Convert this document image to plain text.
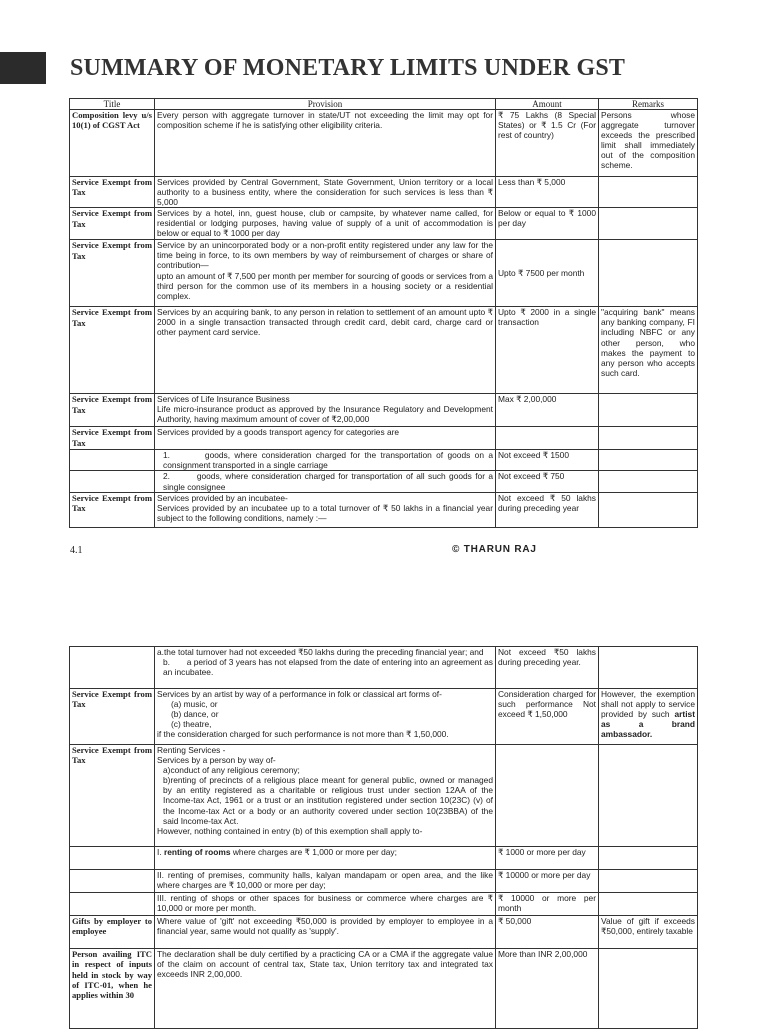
SUMMARY OF MONETARY LIMITS UNDER GST
Title	Provision	Amount	Remarks
Composition levy u/s 10(1) of CGST Act	Every person with aggregate turnover in state/UT not exceeding the limit may opt for composition scheme if he is satisfying other eligibility criteria.	₹ 75 Lakhs (8 Special States) or ₹ 1.5 Cr (For rest of country)	Persons whose aggregate turnover exceeds the prescribed limit shall immediately out of the composition scheme.
Service Exempt from Tax	Services provided by Central Government, State Government, Union territory or a local authority to a business entity, where the consideration for such services is less than ₹ 5,000	Less than ₹ 5,000	
Service Exempt from Tax	Services by a hotel, inn, guest house, club or campsite, by whatever name called, for residential or lodging purposes, having value of supply of a unit of accommodation is below or equal to ₹ 1000 per day	Below or equal to ₹ 1000 per day	
Service Exempt from Tax	Service by an unincorporated body or a non-profit entity registered under any law for the time being in force, to its own members by way of reimbursement of charges or share of contribution—
upto an amount of ₹ 7,500 per month per member for sourcing of goods or services from a third person for the common use of its members in a housing society or a residential complex.	Upto ₹ 7500 per month	
Service Exempt from Tax	Services by an acquiring bank, to any person in relation to settlement of an amount upto ₹ 2000 in a single transaction transacted through credit card, debit card, charge card or other payment card service.	Upto ₹ 2000 in a single transaction	"acquiring bank" means any banking company, FI including NBFC or any other person, who makes the payment to any person who accepts such card.
Service Exempt from Tax	Services of Life Insurance Business
Life micro-insurance product as approved by the Insurance Regulatory and Development Authority, having maximum amount of cover of ₹2,00,000	Max ₹ 2,00,000	
Service Exempt from Tax	Services provided by a goods transport agency for categories are		

	1. goods, where consideration charged for the transportation of goods on a consignment transported in a single carriage	Not exceed ₹ 1500	

	2. goods, where consideration charged for transportation of all such goods for a single consignee	Not exceed ₹ 750	
Service Exempt from Tax	Services provided by an incubatee-
Services provided by an incubatee up to a total turnover of ₹ 50 lakhs in a financial year subject to the following conditions, namely :—	Not exceed ₹ 50 lakhs during preceding year	
4.1	© THARUN RAJ

	a.the total turnover had not exceeded ₹50 lakhs during the preceding financial year; and
b. a period of 3 years has not elapsed from the date of entering into an agreement as an incubatee.	Not exceed ₹50 lakhs during preceding year.	
Service Exempt from Tax	Services by an artist by way of a performance in folk or classical art forms of-
(a) music, or
(b) dance, or
(c) theatre,
if the consideration charged for such performance is not more than ₹ 1,50,000.	Consideration charged for such performance Not exceed ₹ 1,50,000	However, the exemption shall not apply to service provided by such artist as a brand ambassador.
Service Exempt from Tax	Renting Services -
Services by a person by way of-
a)conduct of any religious ceremony;
b)renting of precincts of a religious place meant for general public, owned or managed by an entity registered as a charitable or religious trust under section 12AA of the Income-tax Act, 1961 or a trust or an institution registered under section 10(23C) (v) of the Income-tax Act or a body or an authority covered under section 10(23BBA) of the said Income-tax Act.
However, nothing contained in entry (b) of this exemption shall apply to-		

	I. renting of rooms where charges are ₹ 1,000 or more per day;	₹ 1000 or more per day	
	II. renting of premises, community halls, kalyan mandapam or open area, and the like where charges are ₹ 10,000 or more per day;	₹ 10000 or more per day	
	III. renting of shops or other spaces for business or commerce where charges are ₹ 10,000 or more per month.	₹ 10000 or more per month	
Gifts by employer to employee	Where value of 'gift' not exceeding ₹50,000 is provided by employer to employee in a financial year, same would not qualify as 'supply'.	₹ 50,000	Value of gift if exceeds ₹50,000, entirely taxable
Person availing ITC in respect of inputs held in stock by way of ITC-01, when he applies within 30	The declaration shall be duly certified by a practicing CA or a CMA if the aggregate value of the claim on account of central tax, State tax, Union territory tax and integrated tax exceeds INR 2,00,000.	More than INR 2,00,000	
